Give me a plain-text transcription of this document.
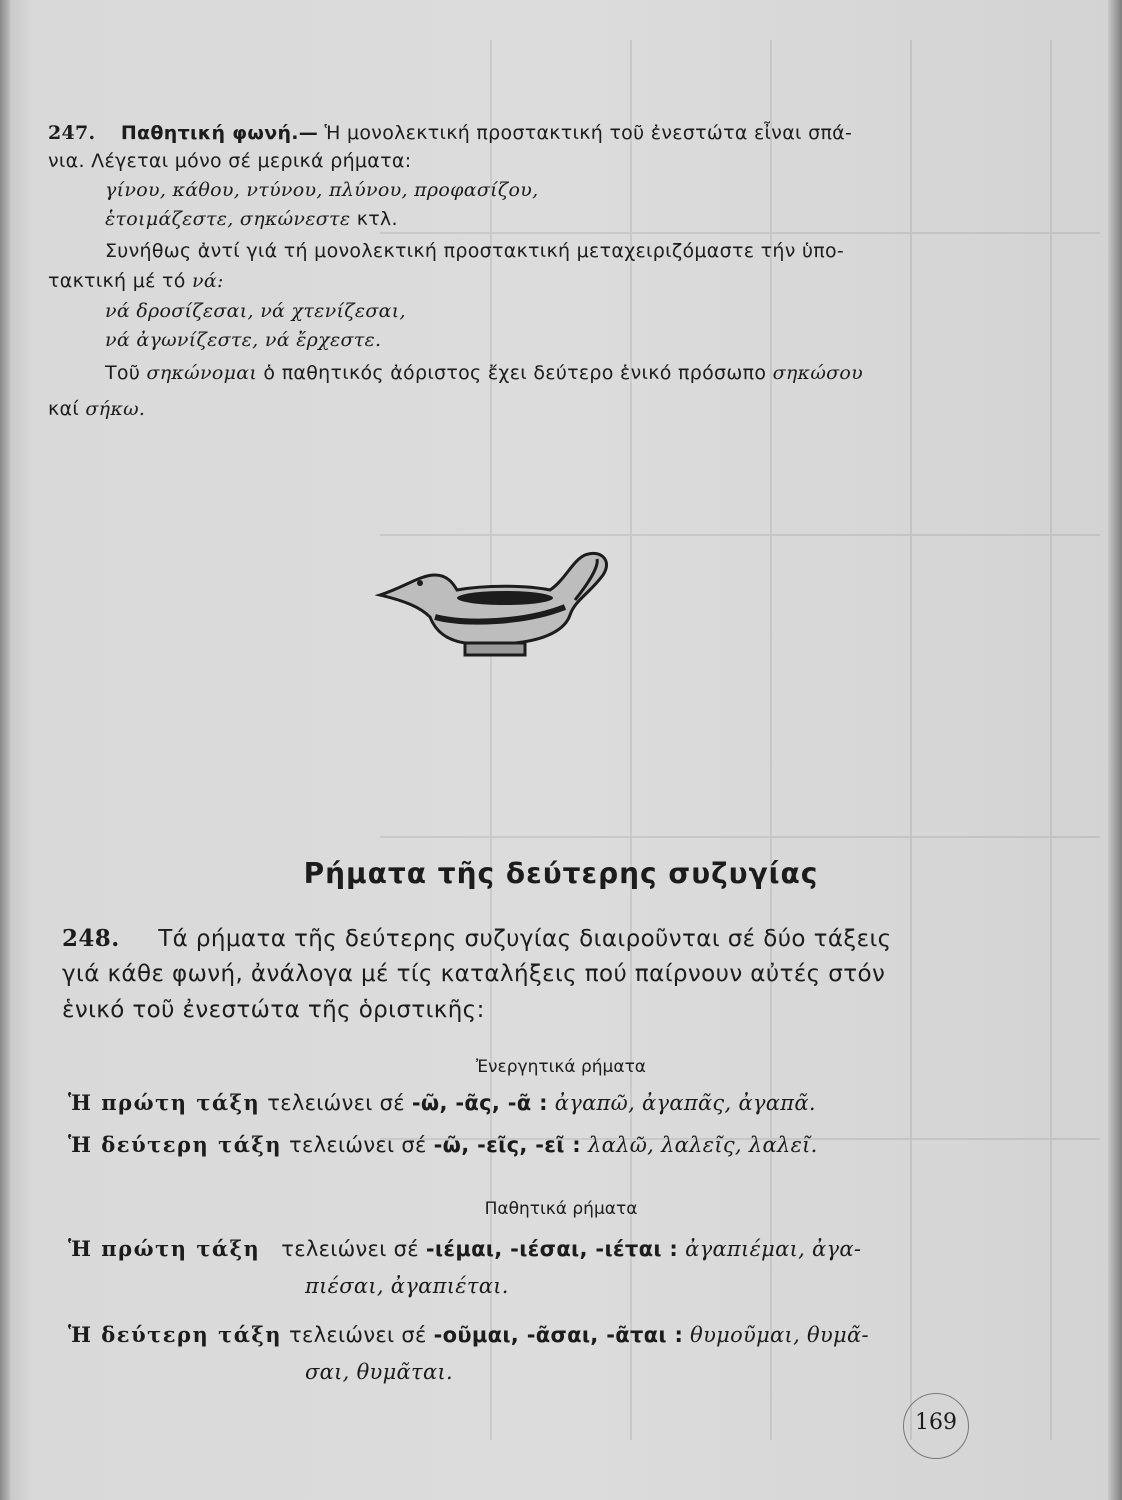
247. Παθητική φωνή.— Ἡ μονολεκτική προστακτική τοῦ ἐνεστώτα εἶναι σπά-
νια. Λέγεται μόνο σέ μερικά ρήματα:
γίνου, κάθου, ντύνου, πλύνου, προφασίζου,
ἑτοιμάζεστε, σηκώνεστε κτλ.
Συνήθως ἀντί γιά τή μονολεκτική προστακτική μεταχειριζόμαστε τήν ὑπο-
τακτική μέ τό νά:
νά δροσίζεσαι, νά χτενίζεσαι,
νά ἀγωνίζεστε, νά ἔρχεστε.
Τοῦ σηκώνομαι ὁ παθητικός ἀόριστος ἔχει δεύτερο ἑνικό πρόσωπο σηκώσου
καί σήκω.
Ρήματα τῆς δεύτερης συζυγίας
248. Τά ρήματα τῆς δεύτερης συζυγίας διαιροῦνται σέ δύο τάξεις
γιά κάθε φωνή, ἀνάλογα μέ τίς καταλήξεις πού παίρνουν αὐτές στόν
ἑνικό τοῦ ἐνεστώτα τῆς ὁριστικῆς:
Ἐνεργητικά ρήματα
Ἡ πρώτη τάξη τελειώνει σέ -ῶ, -ᾶς, -ᾶ : ἀγαπῶ, ἀγαπᾶς, ἀγαπᾶ.
Ἡ δεύτερη τάξη τελειώνει σέ -ῶ, -εῖς, -εῖ : λαλῶ, λαλεῖς, λαλεῖ.
Παθητικά ρήματα
Ἡ πρώτη τάξη τελειώνει σέ -ιέμαι, -ιέσαι, -ιέται : ἀγαπιέμαι, ἀγα-
πιέσαι, ἀγαπιέται.
Ἡ δεύτερη τάξη τελειώνει σέ -οῦμαι, -ᾶσαι, -ᾶται : θυμοῦμαι, θυμᾶ-
σαι, θυμᾶται.
169
